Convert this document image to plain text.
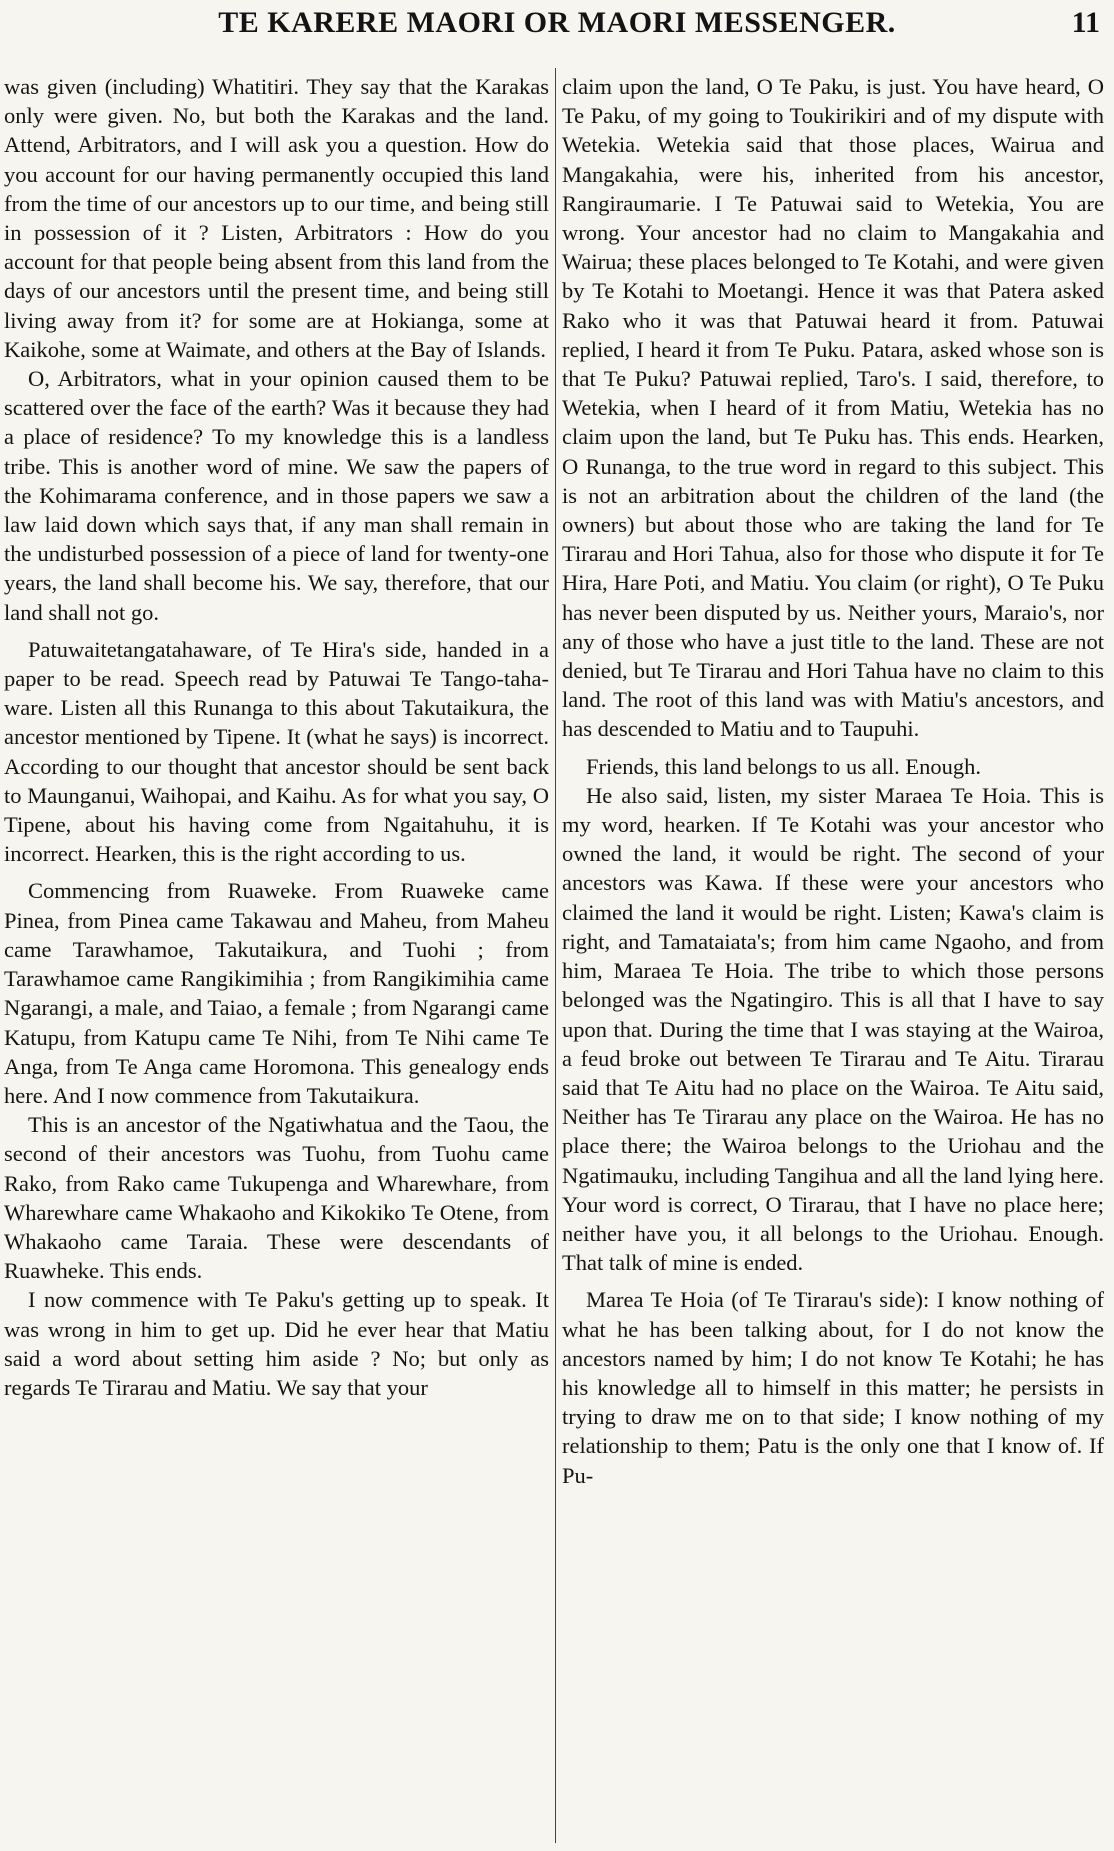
TE KARERE MAORI OR MAORI MESSENGER.	11

was given (including) Whatitiri. They say that the Karakas only were given. No, but both the Karakas and the land. Attend, Arbitrators, and I will ask you a question. How do you account for our having permanently occupied this land from the time of our ancestors up to our time, and being still in possession of it ? Listen, Arbitrators : How do you account for that people being absent from this land from the days of our ancestors until the present time, and being still living away from it? for some are at Hokianga, some at Kaikohe, some at Waimate, and others at the Bay of Islands.

O, Arbitrators, what in your opinion caused them to be scattered over the face of the earth? Was it because they had a place of residence? To my knowledge this is a landless tribe. This is another word of mine. We saw the papers of the Kohimarama conference, and in those papers we saw a law laid down which says that, if any man shall remain in the undisturbed possession of a piece of land for twenty-one years, the land shall become his. We say, therefore, that our land shall not go.

Patuwaitetangatahaware, of Te Hira's side, handed in a paper to be read. Speech read by Patuwai Te Tango-taha-ware. Listen all this Runanga to this about Takutaikura, the ancestor mentioned by Tipene. It (what he says) is incorrect. According to our thought that ancestor should be sent back to Maunganui, Waihopai, and Kaihu. As for what you say, O Tipene, about his having come from Ngaitahuhu, it is incorrect. Hearken, this is the right according to us.

Commencing from Ruaweke. From Ruaweke came Pinea, from Pinea came Takawau and Maheu, from Maheu came Tarawhamoe, Takutaikura, and Tuohi ; from Tarawhamoe came Rangikimihia ; from Rangikimihia came Ngarangi, a male, and Taiao, a female ; from Ngarangi came Katupu, from Katupu came Te Nihi, from Te Nihi came Te Anga, from Te Anga came Horomona. This genealogy ends here. And I now commence from Takutaikura.

This is an ancestor of the Ngatiwhatua and the Taou, the second of their ancestors was Tuohu, from Tuohu came Rako, from Rako came Tukupenga and Wharewhare, from Wharewhare came Whakaoho and Kikokiko Te Otene, from Whakaoho came Taraia. These were descendants of Ruawheke. This ends.

I now commence with Te Paku's getting up to speak. It was wrong in him to get up. Did he ever hear that Matiu said a word about setting him aside ? No; but only as regards Te Tirarau and Matiu. We say that your

claim upon the land, O Te Paku, is just. You have heard, O Te Paku, of my going to Toukirikiri and of my dispute with Wetekia. Wetekia said that those places, Wairua and Mangakahia, were his, inherited from his ancestor, Rangiraumarie. I Te Patuwai said to Wetekia, You are wrong. Your ancestor had no claim to Mangakahia and Wairua; these places belonged to Te Kotahi, and were given by Te Kotahi to Moetangi. Hence it was that Patera asked Rako who it was that Patuwai heard it from. Patuwai replied, I heard it from Te Puku. Patara, asked whose son is that Te Puku? Patuwai replied, Taro's. I said, therefore, to Wetekia, when I heard of it from Matiu, Wetekia has no claim upon the land, but Te Puku has. This ends. Hearken, O Runanga, to the true word in regard to this subject. This is not an arbitration about the children of the land (the owners) but about those who are taking the land for Te Tirarau and Hori Tahua, also for those who dispute it for Te Hira, Hare Poti, and Matiu. You claim (or right), O Te Puku has never been disputed by us. Neither yours, Maraio's, nor any of those who have a just title to the land. These are not denied, but Te Tirarau and Hori Tahua have no claim to this land. The root of this land was with Matiu's ancestors, and has descended to Matiu and to Taupuhi.

Friends, this land belongs to us all. Enough.

He also said, listen, my sister Maraea Te Hoia. This is my word, hearken. If Te Kotahi was your ancestor who owned the land, it would be right. The second of your ancestors was Kawa. If these were your ancestors who claimed the land it would be right. Listen; Kawa's claim is right, and Tamataiata's; from him came Ngaoho, and from him, Maraea Te Hoia. The tribe to which those persons belonged was the Ngatingiro. This is all that I have to say upon that. During the time that I was staying at the Wairoa, a feud broke out between Te Tirarau and Te Aitu. Tirarau said that Te Aitu had no place on the Wairoa. Te Aitu said, Neither has Te Tirarau any place on the Wairoa. He has no place there; the Wairoa belongs to the Uriohau and the Ngatimauku, including Tangihua and all the land lying here. Your word is correct, O Tirarau, that I have no place here; neither have you, it all belongs to the Uriohau. Enough. That talk of mine is ended.

Marea Te Hoia (of Te Tirarau's side): I know nothing of what he has been talking about, for I do not know the ancestors named by him; I do not know Te Kotahi; he has his knowledge all to himself in this matter; he persists in trying to draw me on to that side; I know nothing of my relationship to them; Patu is the only one that I know of. If Pu-
